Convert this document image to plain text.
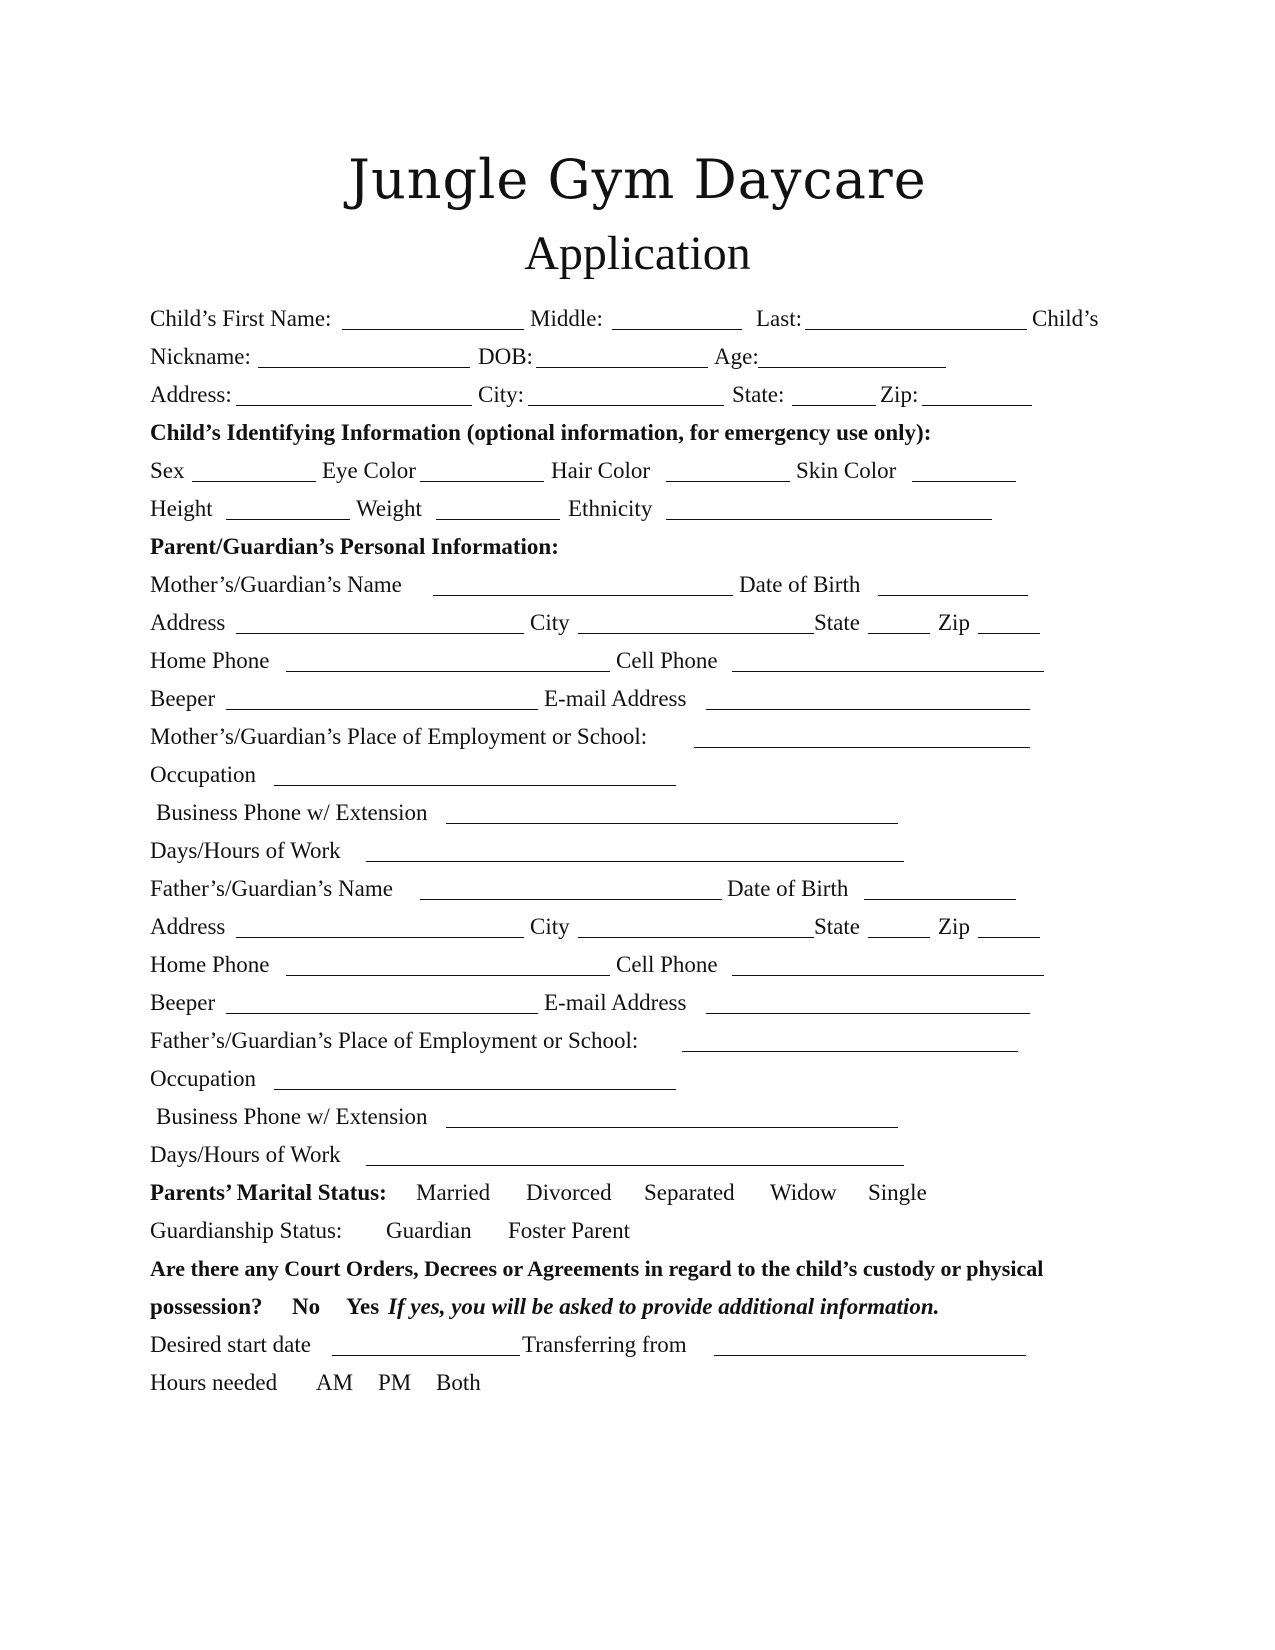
Jungle Gym Daycare
Application
Child’s First Name:	Middle:	Last:	Child’s
Nickname:	DOB:	Age:
Address:	City:	State:	Zip:
Child’s Identifying Information (optional information, for emergency use only):
Sex	Eye Color	Hair Color	Skin Color
Height	Weight	Ethnicity
Parent/Guardian’s Personal Information:
Mother’s/Guardian’s Name	Date of Birth
Address	City	State	Zip
Home Phone	Cell Phone
Beeper	E-mail Address
Mother’s/Guardian’s Place of Employment or School:
Occupation
Business Phone w/ Extension
Days/Hours of Work
Father’s/Guardian’s Name	Date of Birth
Address	City	State	Zip
Home Phone	Cell Phone
Beeper	E-mail Address
Father’s/Guardian’s Place of Employment or School:
Occupation
Business Phone w/ Extension
Days/Hours of Work
Parents’ Marital Status: Married Divorced Separated Widow Single
Guardianship Status: Guardian Foster Parent
Are there any Court Orders, Decrees or Agreements in regard to the child’s custody or physical
possession? No Yes If yes, you will be asked to provide additional information.
Desired start date	Transferring from
Hours needed AM PM Both
